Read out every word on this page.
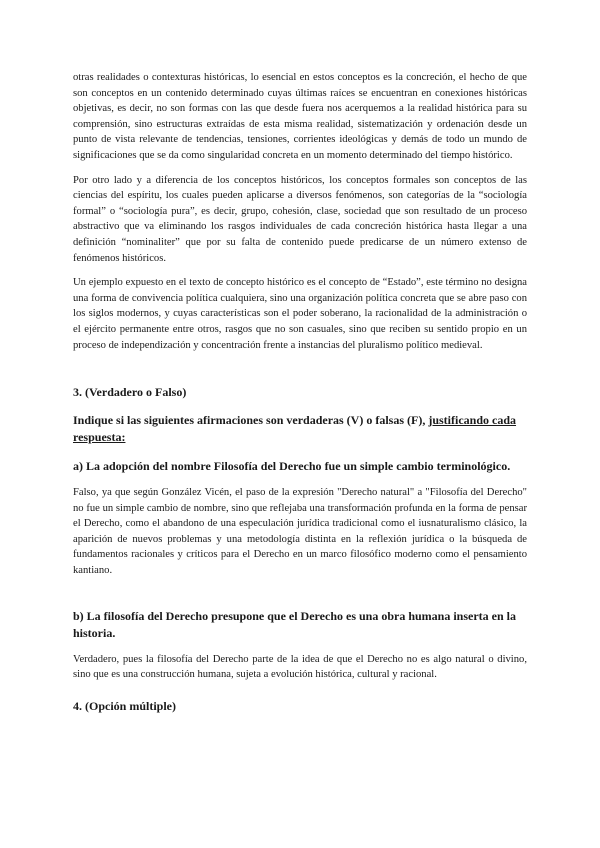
otras realidades o contexturas históricas, lo esencial en estos conceptos es la concreción, el hecho de que son conceptos en un contenido determinado cuyas últimas raíces se encuentran en conexiones históricas objetivas, es decir, no son formas con las que desde fuera nos acerquemos a la realidad histórica para su comprensión, sino estructuras extraídas de esta misma realidad, sistematización y ordenación desde un punto de vista relevante de tendencias, tensiones, corrientes ideológicas y demás de todo un mundo de significaciones que se da como singularidad concreta en un momento determinado del tiempo histórico.

Por otro lado y a diferencia de los conceptos históricos, los conceptos formales son conceptos de las ciencias del espíritu, los cuales pueden aplicarse a diversos fenómenos, son categorías de la “sociología formal” o “sociología pura”, es decir, grupo, cohesión, clase, sociedad que son resultado de un proceso abstractivo que va eliminando los rasgos individuales de cada concreción histórica hasta llegar a una definición “nominaliter” que por su falta de contenido puede predicarse de un número extenso de fenómenos históricos.

Un ejemplo expuesto en el texto de concepto histórico es el concepto de “Estado”, este término no designa una forma de convivencia política cualquiera, sino una organización política concreta que se abre paso con los siglos modernos, y cuyas características son el poder soberano, la racionalidad de la administración o el ejército permanente entre otros, rasgos que no son casuales, sino que reciben su sentido propio en un proceso de independización y concentración frente a instancias del pluralismo político medieval.

3. (Verdadero o Falso)
Indique si las siguientes afirmaciones son verdaderas (V) o falsas (F), justificando cada respuesta:
a) La adopción del nombre Filosofía del Derecho fue un simple cambio terminológico.

Falso, ya que según González Vicén, el paso de la expresión "Derecho natural" a "Filosofía del Derecho" no fue un simple cambio de nombre, sino que reflejaba una transformación profunda en la forma de pensar el Derecho, como el abandono de una especulación jurídica tradicional como el iusnaturalismo clásico, la aparición de nuevos problemas y una metodología distinta en la reflexión jurídica o la búsqueda de fundamentos racionales y críticos para el Derecho en un marco filosófico moderno como el pensamiento kantiano.

b) La filosofía del Derecho presupone que el Derecho es una obra humana inserta en la historia.

Verdadero, pues la filosofía del Derecho parte de la idea de que el Derecho no es algo natural o divino, sino que es una construcción humana, sujeta a evolución histórica, cultural y racional.

4. (Opción múltiple)
